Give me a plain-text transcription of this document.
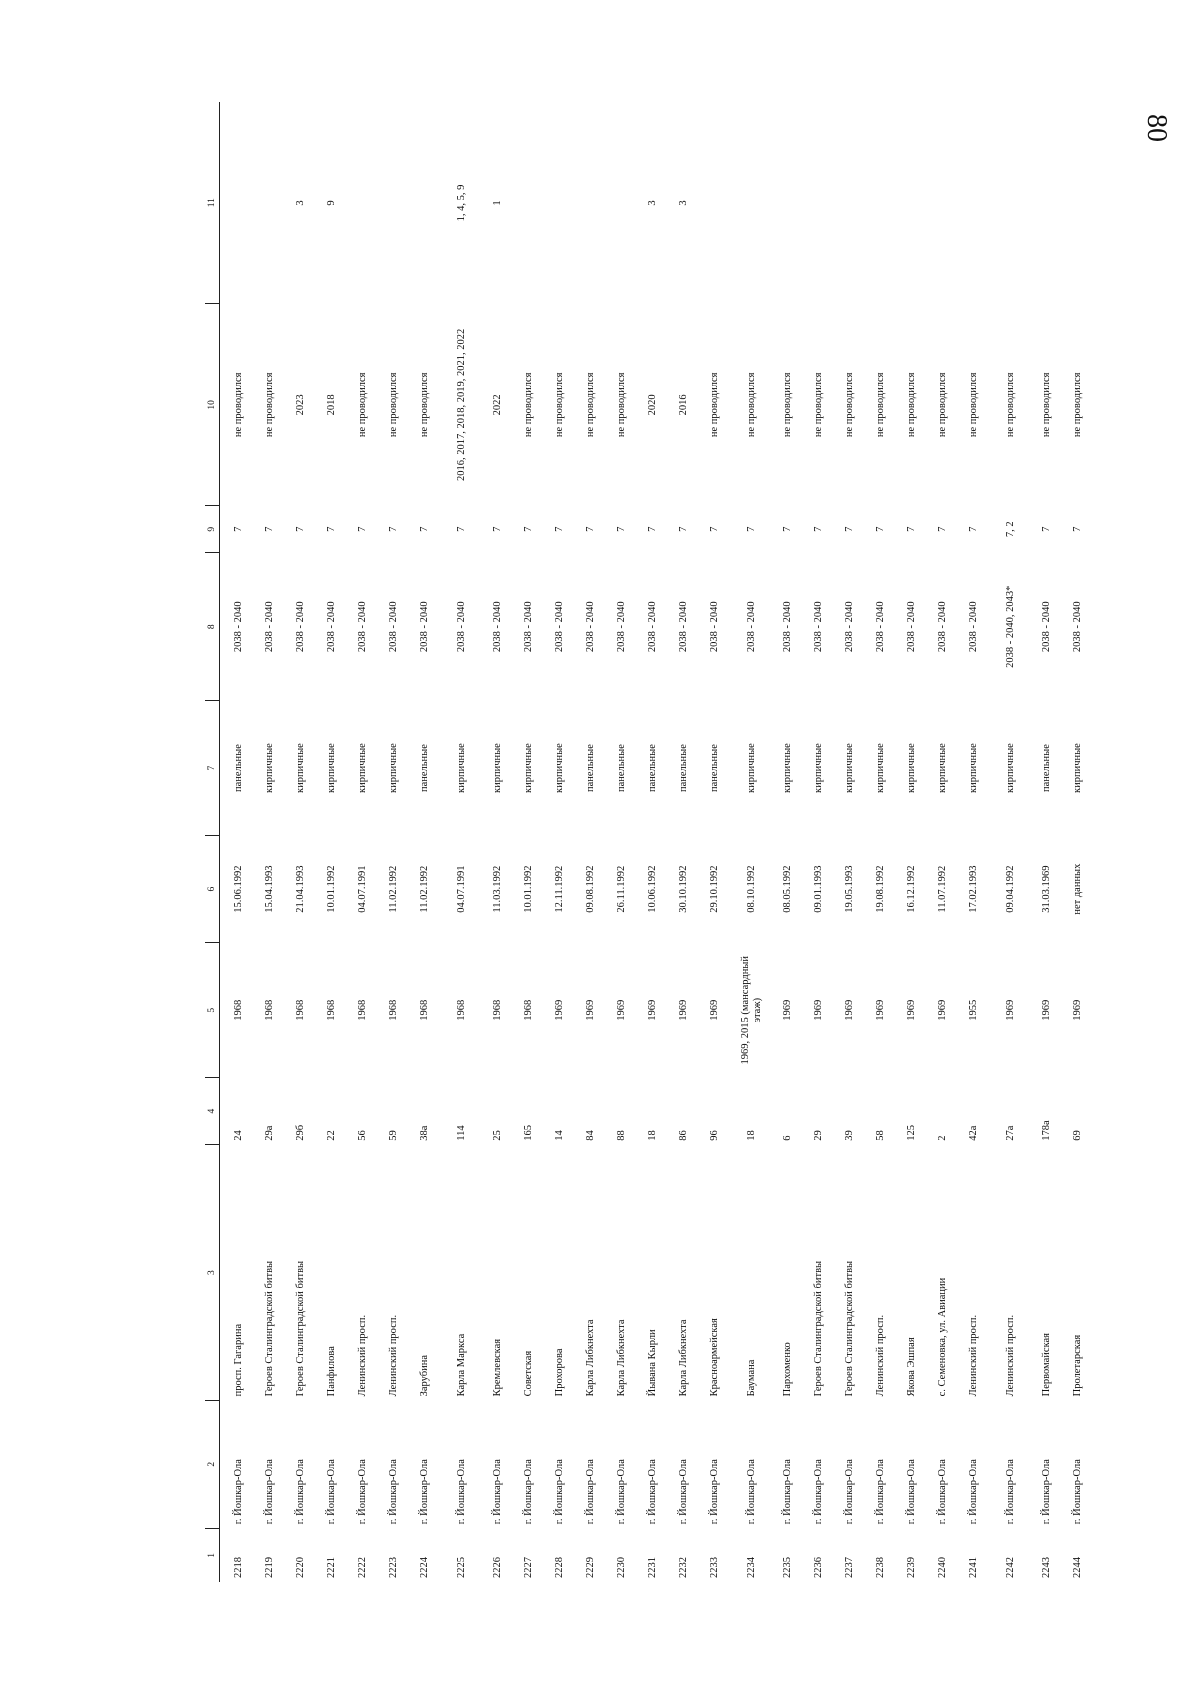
80
1	2	3	4	5	6	7	8	9	10	11
2218	г. Йошкар-Ола	просп. Гагарина	24	1968	15.06.1992	панельные	2038 - 2040	7	не проводился	
2219	г. Йошкар-Ола	Героев Сталинградской битвы	29а	1968	15.04.1993	кирпичные	2038 - 2040	7	не проводился	
2220	г. Йошкар-Ола	Героев Сталинградской битвы	29б	1968	21.04.1993	кирпичные	2038 - 2040	7	2023	3
2221	г. Йошкар-Ола	Панфилова	22	1968	10.01.1992	кирпичные	2038 - 2040	7	2018	9
2222	г. Йошкар-Ола	Ленинский просп.	56	1968	04.07.1991	кирпичные	2038 - 2040	7	не проводился	
2223	г. Йошкар-Ола	Ленинский просп.	59	1968	11.02.1992	кирпичные	2038 - 2040	7	не проводился	
2224	г. Йошкар-Ола	Зарубина	38а	1968	11.02.1992	панельные	2038 - 2040	7	не проводился	
2225	г. Йошкар-Ола	Карла Маркса	114	1968	04.07.1991	кирпичные	2038 - 2040	7	2016, 2017, 2018, 2019, 2021, 2022	1, 4, 5, 9
2226	г. Йошкар-Ола	Кремлевская	25	1968	11.03.1992	кирпичные	2038 - 2040	7	2022	1
2227	г. Йошкар-Ола	Советская	165	1968	10.01.1992	кирпичные	2038 - 2040	7	не проводился	
2228	г. Йошкар-Ола	Прохорова	14	1969	12.11.1992	кирпичные	2038 - 2040	7	не проводился	
2229	г. Йошкар-Ола	Карла Либкнехта	84	1969	09.08.1992	панельные	2038 - 2040	7	не проводился	
2230	г. Йошкар-Ола	Карла Либкнехта	88	1969	26.11.1992	панельные	2038 - 2040	7	не проводился	
2231	г. Йошкар-Ола	Йывана Кырли	18	1969	10.06.1992	панельные	2038 - 2040	7	2020	3
2232	г. Йошкар-Ола	Карла Либкнехта	86	1969	30.10.1992	панельные	2038 - 2040	7	2016	3
2233	г. Йошкар-Ола	Красноармейская	96	1969	29.10.1992	панельные	2038 - 2040	7	не проводился	
2234	г. Йошкар-Ола	Баумана	18	1969, 2015 (мансардный этаж)	08.10.1992	кирпичные	2038 - 2040	7	не проводился	
2235	г. Йошкар-Ола	Пархоменко	6	1969	08.05.1992	кирпичные	2038 - 2040	7	не проводился	
2236	г. Йошкар-Ола	Героев Сталинградской битвы	29	1969	09.01.1993	кирпичные	2038 - 2040	7	не проводился	
2237	г. Йошкар-Ола	Героев Сталинградской битвы	39	1969	19.05.1993	кирпичные	2038 - 2040	7	не проводился	
2238	г. Йошкар-Ола	Ленинский просп.	58	1969	19.08.1992	кирпичные	2038 - 2040	7	не проводился	
2239	г. Йошкар-Ола	Якова Эшпая	125	1969	16.12.1992	кирпичные	2038 - 2040	7	не проводился	
2240	г. Йошкар-Ола	с. Семеновка, ул. Авиации	2	1969	11.07.1992	кирпичные	2038 - 2040	7	не проводился	
2241	г. Йошкар-Ола	Ленинский просп.	42а	1955	17.02.1993	кирпичные	2038 - 2040	7	не проводился	
2242	г. Йошкар-Ола	Ленинский просп.	27а	1969	09.04.1992	кирпичные	2038 - 2040, 2043*	7, 2	не проводился	
2243	г. Йошкар-Ола	Первомайская	178а	1969	31.03.1969	панельные	2038 - 2040	7	не проводился	
2244	г. Йошкар-Ола	Пролетарская	69	1969	нет данных	кирпичные	2038 - 2040	7	не проводился	
